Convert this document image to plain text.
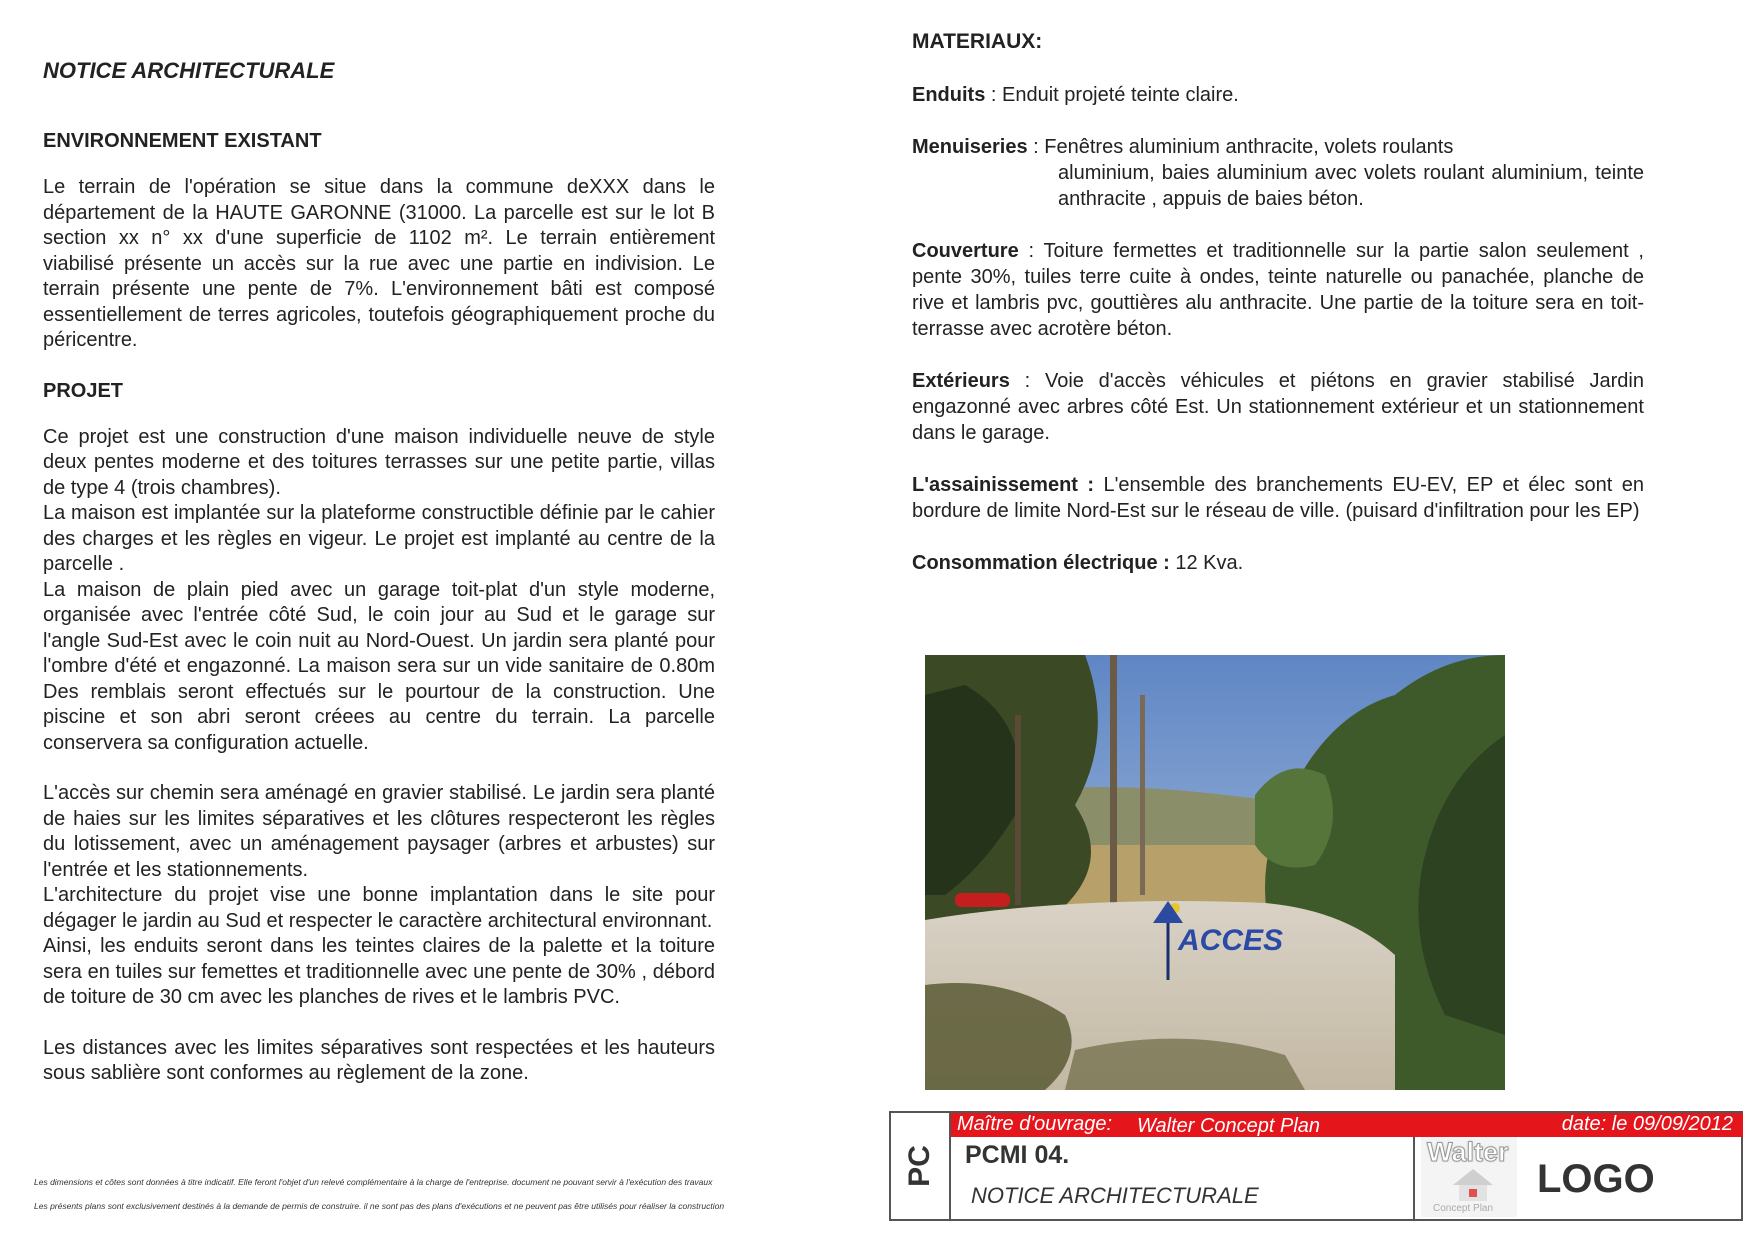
NOTICE ARCHITECTURALE

ENVIRONNEMENT EXISTANT

Le terrain de l'opération se situe dans la commune deXXX dans le département de la HAUTE GARONNE (31000. La parcelle est sur le lot B section xx n° xx d'une superficie de 1102 m². Le terrain entièrement viabilisé présente un accès sur la rue avec une partie en indivision. Le terrain présente une pente de 7%. L'environnement bâti est composé essentiellement de terres agricoles, toutefois géographiquement proche du péricentre.

PROJET

Ce projet est une construction d'une maison individuelle neuve de style deux pentes moderne et des toitures terrasses sur une petite partie, villas de type 4 (trois chambres).

La maison est implantée sur la plateforme constructible définie par le cahier des charges et les règles en vigeur. Le projet est implanté au centre de la parcelle .

La maison de plain pied avec un garage toit-plat d'un style moderne, organisée avec l'entrée côté Sud, le coin jour au Sud et le garage sur l'angle Sud-Est avec le coin nuit au Nord-Ouest. Un jardin sera planté pour l'ombre d'été et engazonné. La maison sera sur un vide sanitaire de 0.80m Des remblais seront effectués sur le pourtour de la construction. Une piscine et son abri seront créees au centre du terrain. La parcelle conservera sa configuration actuelle.

L'accès sur chemin sera aménagé en gravier stabilisé. Le jardin sera planté de haies sur les limites séparatives et les clôtures respecteront les règles du lotissement, avec un aménagement paysager (arbres et arbustes) sur l'entrée et les stationnements.

L'architecture du projet vise une bonne implantation dans le site pour dégager le jardin au Sud et respecter le caractère architectural environnant.

Ainsi, les enduits seront dans les teintes claires de la palette et la toiture sera en tuiles sur femettes et traditionnelle avec une pente de 30% , débord de toiture de 30 cm avec les planches de rives et le lambris PVC.

Les distances avec les limites séparatives sont respectées et les hauteurs sous sablière sont conformes au règlement de la zone.

Les dimensions et côtes sont données à titre indicatif. Elle feront l'objet d'un relevé complémentaire à la charge de l'entreprise. document ne pouvant servir à l'exécution des travaux
Les présents plans sont exclusivement destinés à la demande de permis de construire. il ne sont pas des plans d'exécutions et ne peuvent pas être utilisés pour réaliser la construction

MATERIAUX:

Enduits : Enduit projeté teinte claire.

Menuiseries : Fenêtres aluminium anthracite, volets roulants
aluminium, baies aluminium avec volets roulant aluminium, teinte anthracite , appuis de baies béton.

Couverture : Toiture fermettes et traditionnelle sur la partie salon seulement , pente 30%, tuiles terre cuite à ondes, teinte naturelle ou panachée, planche de rive et lambris pvc, gouttières alu anthracite. Une partie de la toiture sera en toit-terrasse avec acrotère béton.

Extérieurs : Voie d'accès véhicules et piétons en gravier stabilisé Jardin engazonné avec arbres côté Est. Un stationnement extérieur et un stationnement dans le garage.

L'assainissement : L'ensemble des branchements EU-EV, EP et élec sont en bordure de limite Nord-Est sur le réseau de ville. (puisard d'infiltration pour les EP)

Consommation électrique : 12 Kva.

ACCES
PC
Maître d'ouvrage: Walter Concept Plan	date: le 09/09/2012
PCMI 04.
NOTICE ARCHITECTURALE
Walter
Concept Plan
LOGO
